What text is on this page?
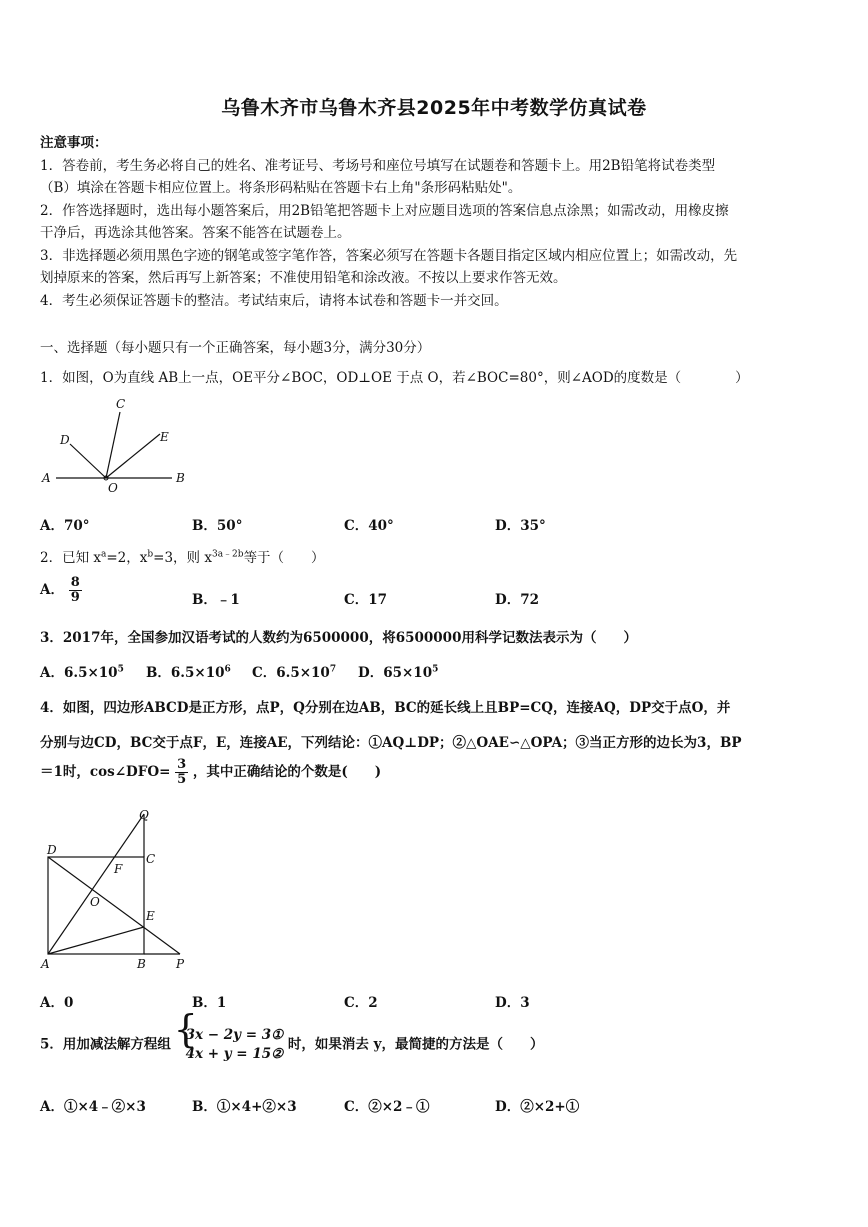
乌鲁木齐市乌鲁木齐县2025年中考数学仿真试卷

注意事项：

1．答卷前，考生务必将自己的姓名、准考证号、考场号和座位号填写在试题卷和答题卡上。用2B铅笔将试卷类型

（B）填涂在答题卡相应位置上。将条形码粘贴在答题卡右上角"条形码粘贴处"。

2．作答选择题时，选出每小题答案后，用2B铅笔把答题卡上对应题目选项的答案信息点涂黑；如需改动，用橡皮擦

干净后，再选涂其他答案。答案不能答在试题卷上。

3．非选择题必须用黑色字迹的钢笔或签字笔作答，答案必须写在答题卡各题目指定区域内相应位置上；如需改动，先

划掉原来的答案，然后再写上新答案；不准使用铅笔和涂改液。不按以上要求作答无效。

4．考生必须保证答题卡的整洁。考试结束后，请将本试卷和答题卡一并交回。

一、选择题（每小题只有一个正确答案，每小题3分，满分30分）
1．如图，O为直线 AB上一点，OE平分∠BOC，OD⊥OE 于点 O，若∠BOC=80°，则∠AOD的度数是（　　　　）
C
D	E
A	B
O
A．70°	B．50°	C．40°	D．35°
2．已知 $x^a=2$，$x^b=3$，则 $x^{3a﹣2b}$等于（　　）
A． $\frac{8}{9}$	B．﹣1	C．17	D．72
3．2017年，全国参加汉语考试的人数约为6500000，将6500000用科学记数法表示为（　　）
A．$6.5\times 10^5$ B．$6.5\times 10^6$ C．$6.5\times 10^7$ D．$65\times 10^5$
4．如图，四边形ABCD是正方形，点P，Q分别在边AB，BC的延长线上且BP=CQ，连接AQ，DP交于点O，并
分别与边CD，BC交于点F，E，连接AE，下列结论：①AQ⊥DP；②△OAE∽△OPA；③当正方形的边长为3，BP
＝1时，cos∠DFO= $\frac{3}{5}$ ，其中正确结论的个数是(　　)
Q
D
C
F
O
E
A	B	P
A．0	B．1	C．2	D．3
5．用加减法解方程组
{ 3x − 2y = 3①
4x + y = 15②
时，如果消去 y，最简捷的方法是（　　）
A．①×4﹣②×3	B．①×4+②×3	C．②×2﹣①	D．②×2+①
